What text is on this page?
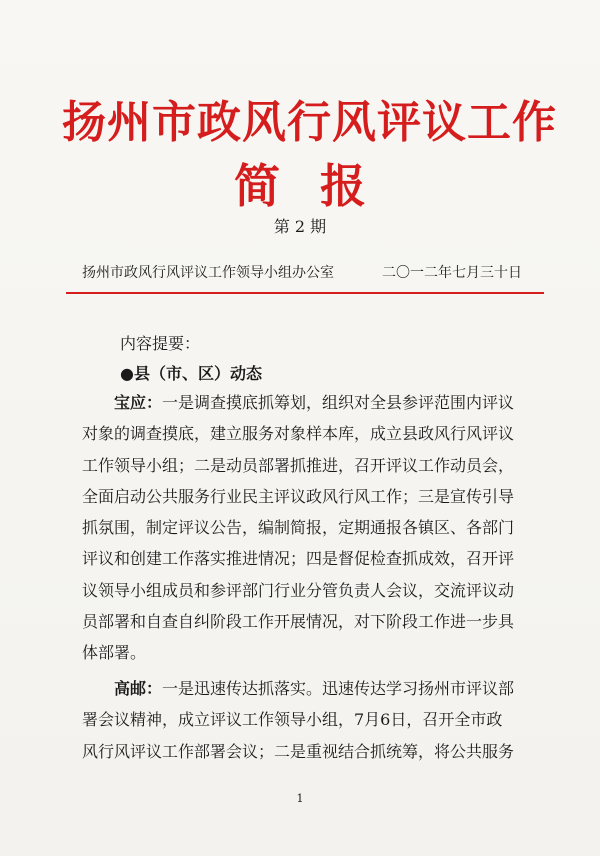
扬州市政风行风评议工作
简报
第 2 期
扬州市政风行风评议工作领导小组办公室	二〇一二年七月三十日
内容提要：
●县（市、区）动态
　　宝应：一是调查摸底抓筹划，组织对全县参评范围内评议
对象的调查摸底，建立服务对象样本库，成立县政风行风评议
工作领导小组；二是动员部署抓推进，召开评议工作动员会，
全面启动公共服务行业民主评议政风行风工作；三是宣传引导
抓氛围，制定评议公告，编制简报，定期通报各镇区、各部门
评议和创建工作落实推进情况；四是督促检查抓成效，召开评
议领导小组成员和参评部门行业分管负责人会议，交流评议动
员部署和自查自纠阶段工作开展情况，对下阶段工作进一步具
体部署。
　　高邮：一是迅速传达抓落实。迅速传达学习扬州市评议部
署会议精神，成立评议工作领导小组，7月6日，召开全市政
风行风评议工作部署会议；二是重视结合抓统筹，将公共服务
1
